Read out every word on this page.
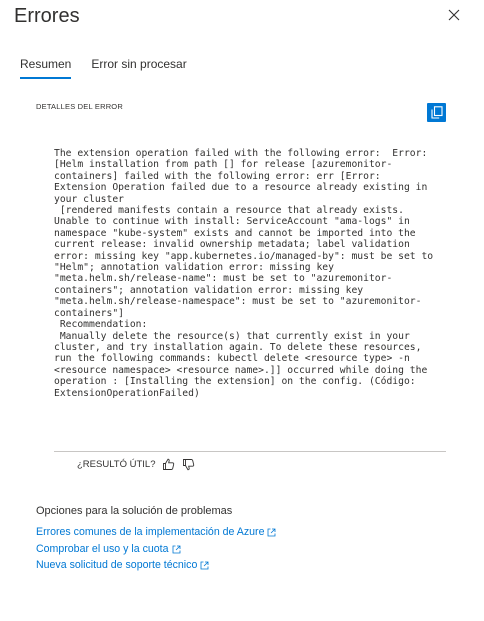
Errores
Resumen Error sin procesar
DETALLES DEL ERROR
The extension operation failed with the following error:  Error:
[Helm installation from path [] for release [azuremonitor-
containers] failed with the following error: err [Error:
Extension Operation failed due to a resource already existing in
your cluster
[rendered manifests contain a resource that already exists.
Unable to continue with install: ServiceAccount "ama-logs" in
namespace "kube-system" exists and cannot be imported into the
current release: invalid ownership metadata; label validation
error: missing key "app.kubernetes.io/managed-by": must be set to
"Helm"; annotation validation error: missing key
"meta.helm.sh/release-name": must be set to "azuremonitor-
containers"; annotation validation error: missing key
"meta.helm.sh/release-namespace": must be set to "azuremonitor-
containers"]
Recommendation:
Manually delete the resource(s) that currently exist in your
cluster, and try installation again. To delete these resources,
run the following commands: kubectl delete <resource type> -n
<resource namespace> <resource name>.]] occurred while doing the
operation : [Installing the extension] on the config. (Código:
ExtensionOperationFailed)
¿RESULTÓ ÚTIL?
Opciones para la solución de problemas
Errores comunes de la implementación de Azure
Comprobar el uso y la cuota
Nueva solicitud de soporte técnico
